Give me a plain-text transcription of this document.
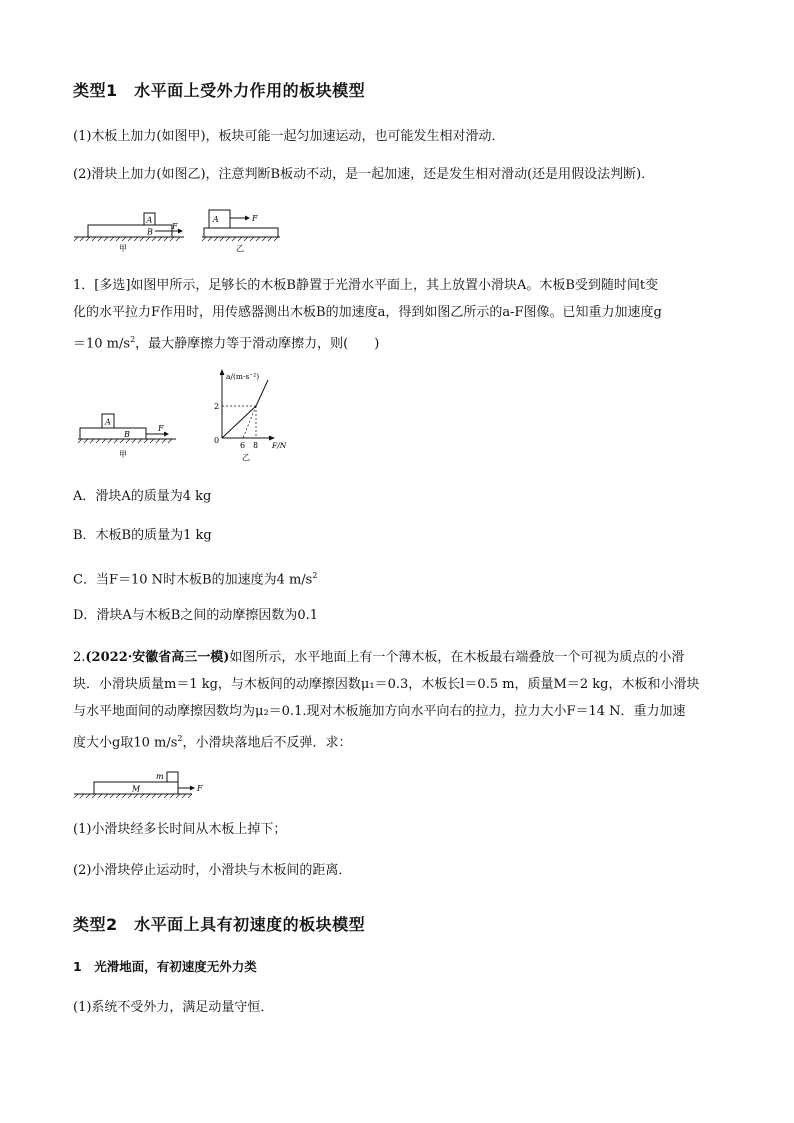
类型1　水平面上受外力作用的板块模型
(1)木板上加力(如图甲)，板块可能一起匀加速运动，也可能发生相对滑动．
(2)滑块上加力(如图乙)，注意判断B板动不动，是一起加速，还是发生相对滑动(还是用假设法判断)．
A
B
F
甲
A	F
乙
1．[多选]如图甲所示，足够长的木板B静置于光滑水平面上，其上放置小滑块A。木板B受到随时间t变
化的水平拉力F作用时，用传感器测出木板B的加速度a，得到如图乙所示的a-F图像。已知重力加速度g
＝10 $m/s^2$，最大静摩擦力等于滑动摩擦力，则(　　)
A
B
F
甲
a/(m·s⁻²)
F/N
0
2
6 8
乙
A．滑块A的质量为4 kg
B．木板B的质量为1 kg
C．当F＝10 N时木板B的加速度为4 $m/s^2$
D．滑块A与木板B之间的动摩擦因数为0.1
2.(2022·安徽省高三一模)如图所示，水平地面上有一个薄木板，在木板最右端叠放一个可视为质点的小滑
块．小滑块质量m＝1 kg，与木板间的动摩擦因数μ₁＝0.3，木板长l＝0.5 m，质量M＝2 kg，木板和小滑块
与水平地面间的动摩擦因数均为μ₂＝0.1.现对木板施加方向水平向右的拉力，拉力大小F＝14 N．重力加速
度大小g取10 $m/s^2$，小滑块落地后不反弹．求：
m
M	F
(1)小滑块经多长时间从木板上掉下；
(2)小滑块停止运动时，小滑块与木板间的距离．
类型2　水平面上具有初速度的板块模型
1　光滑地面，有初速度无外力类
(1)系统不受外力，满足动量守恒．
